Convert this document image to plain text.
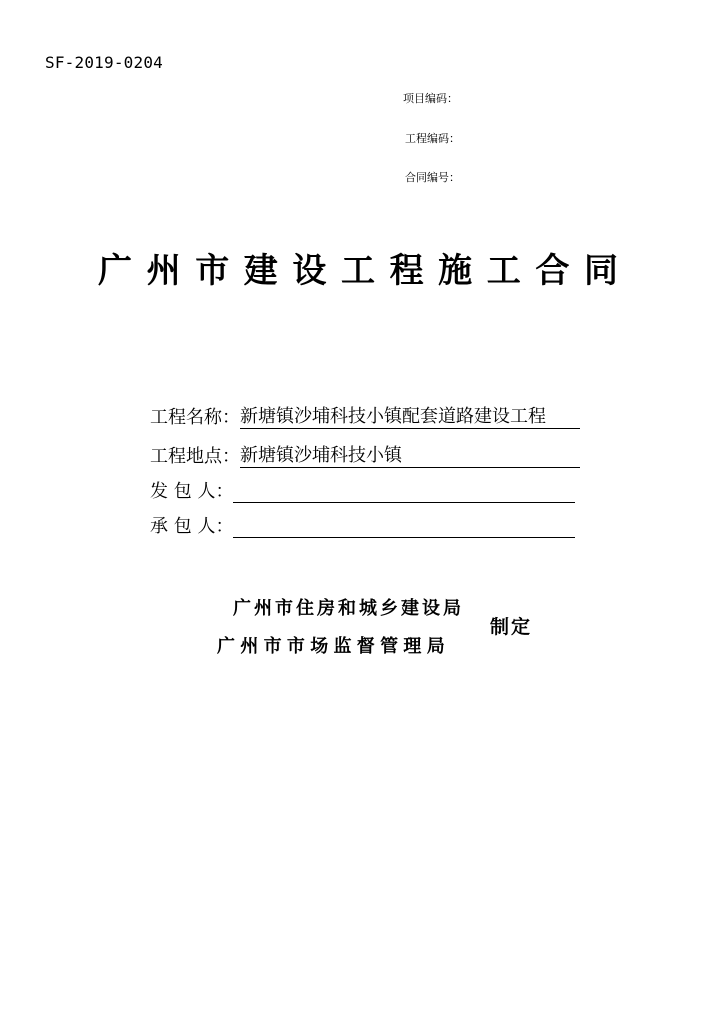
SF-2019-0204
项目编码：
工程编码：
合同编号：
广 州 市 建 设 工 程 施 工 合 同
工程名称： 新塘镇沙埔科技小镇配套道路建设工程
工程地点： 新塘镇沙埔科技小镇
发 包 人：
承 包 人：
广州市住房和城乡建设局
广州市市场监督管理局
制定
